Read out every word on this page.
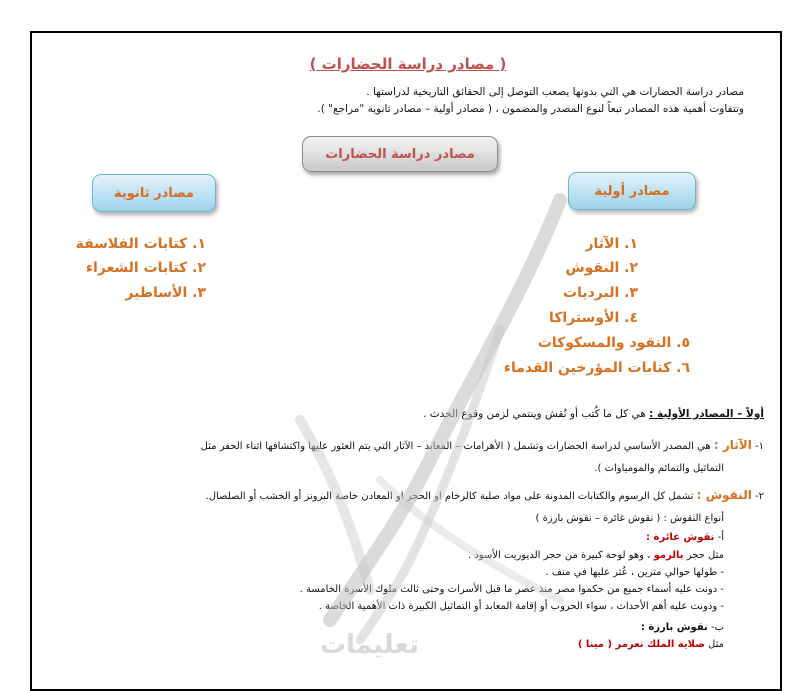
( مصادر دراسة الحضارات )
مصادر دراسة الحضارات هي التي بدونها يصعب التوصل إلى الحقائق التاريخية لدراستها .
وتتفاوت أهمية هذه المصادر تبعاً لنوع المصدر والمضمون ، ( مصادر أولية – مصادر ثانوية "مراجع" ).
مصادر دراسة الحضارات
مصادر أولية
مصادر ثانوية
١. الآثار
٢. النقوش
٣. البرديات
٤. الأوستراكا
٥. النقود والمسكوكات
٦. كتابات المؤرخين القدماء
١. كتابات الفلاسفة
٢. كتابات الشعراء
٣. الأساطير
أولاً – المصادر الأولية : هي كل ما كُتب أو نُقش وينتمي لزمن وقوع الحدث .
١- الآثار : هي المصدر الأساسي لدراسة الحضارات وتشمل ( الأهرامات – المعابد – الآثار التي يتم العثور عليها واكتشافها اثناء الحفر مثل
التماثيل والتمائم والمومياوات ).
٢- النقوش : تشمل كل الرسوم والكتابات المدونة على مواد صلبة كالرخام او الحجر او المعادن خاصة البرونز أو الخشب أو الصلصال.
أنواع النقوش : ( نقوش غائرة – نقوش بارزة )
أ- نقوش غائرة :
مثل حجر بالرمو ، وهو لوحة كبيرة من حجر الديوريت الأسود .
- طولها حوالي مترين ، عُثر عليها في منف .
- دونت عليه أسماء جميع من حكموا مصر منذ عصر ما قبل الأسرات وحتى ثالث ملوك الأسرة الخامسة .
- ودونت عليه أهم الأحداث ، سواء الحروب أو إقامة المعابد أو التماثيل الكبيرة ذات الأهمية الخاصة .
ب- نقوش بارزة :
مثل صلاية الملك نعرمر ( مينا )
تعليمات
